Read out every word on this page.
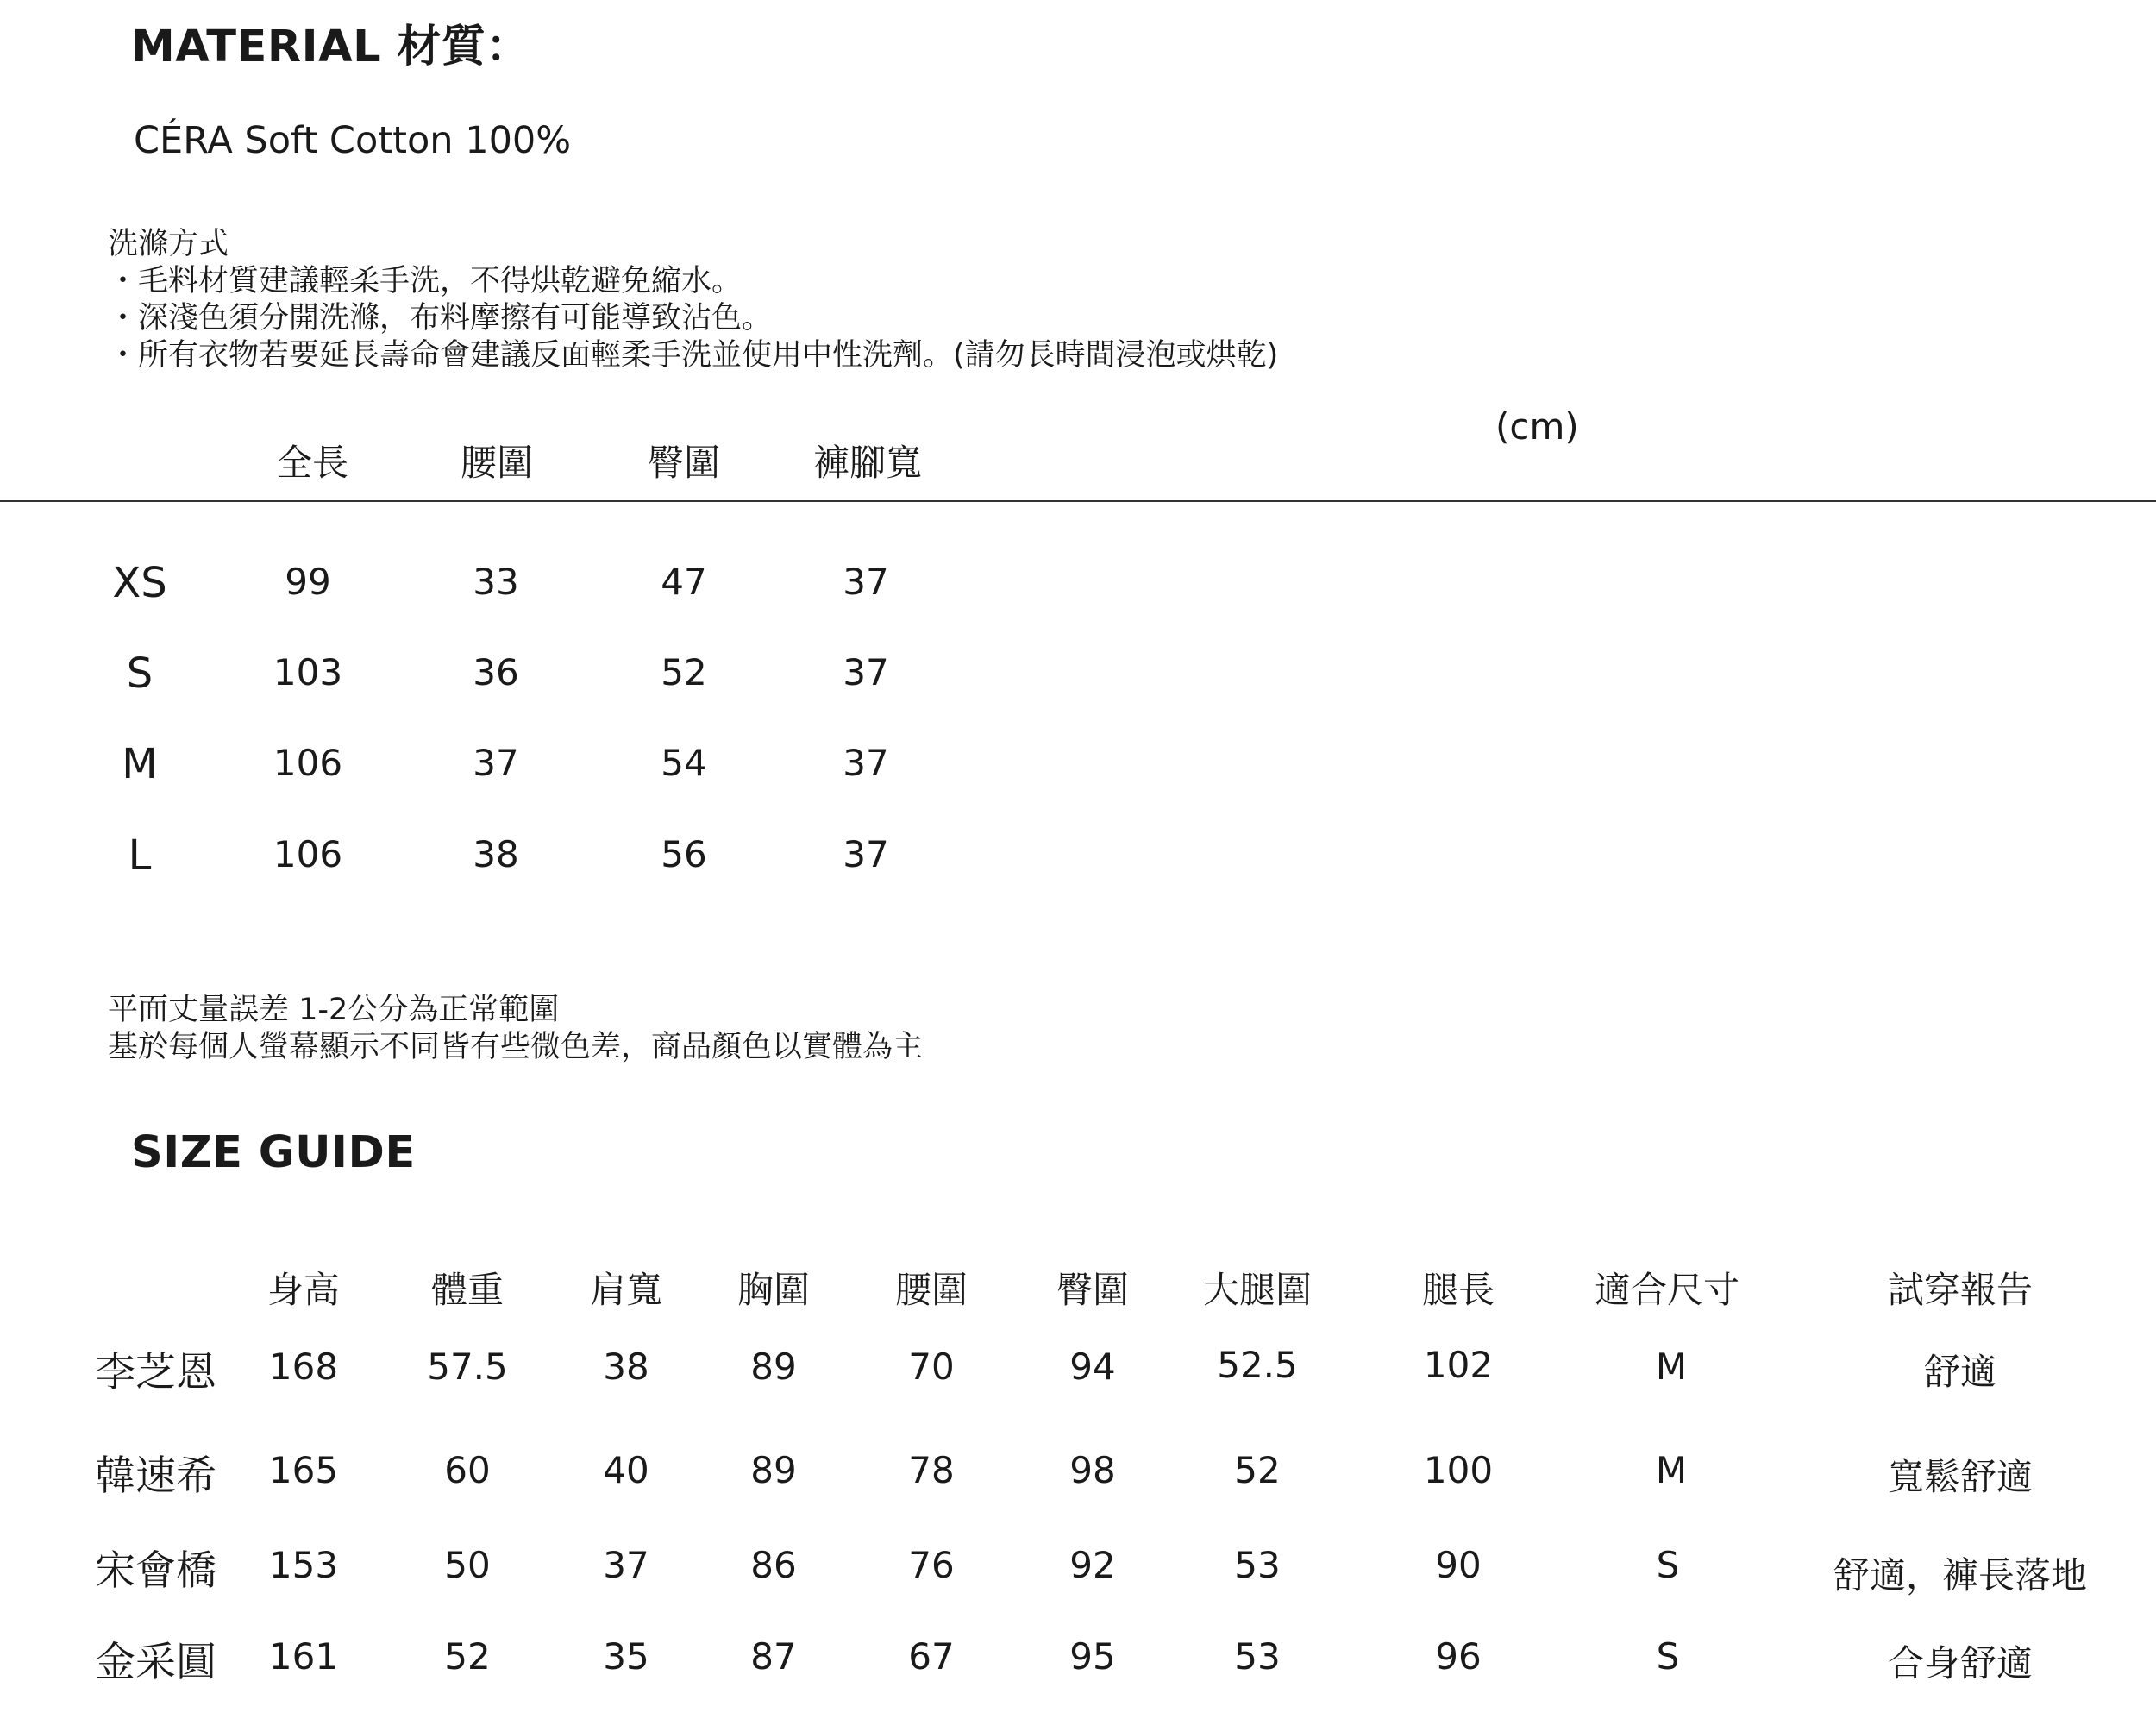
MATERIAL 材質：
CÉRA Soft Cotton 100%
洗滌方式
・毛料材質建議輕柔手洗，不得烘乾避免縮水。
・深淺色須分開洗滌，布料摩擦有可能導致沾色。
・所有衣物若要延長壽命會建議反面輕柔手洗並使用中性洗劑。(請勿長時間浸泡或烘乾)
(cm)
全長	腰圍	臀圍	褲腳寬
XS	99	33	47	37
S	103	36	52	37
M	106	37	54	37
L	106	38	56	37
平面丈量誤差 1-2公分為正常範圍
基於每個人螢幕顯示不同皆有些微色差，商品顏色以實體為主
SIZE GUIDE
身高	體重 肩寬 胸圍 腰圍 臀圍 大腿圍	腿長	適合尺寸	試穿報告
李芝恩 168 57.5	38	89	70	94	52.5	102	M	舒適
韓速希 165	60	40	89	78	98	52	100	M	寬鬆舒適
宋會橋 153	50	37	86	76	92	53	90	S	舒適，褲長落地
金采圓 161	52	35	87	67	95	53	96	S	合身舒適
